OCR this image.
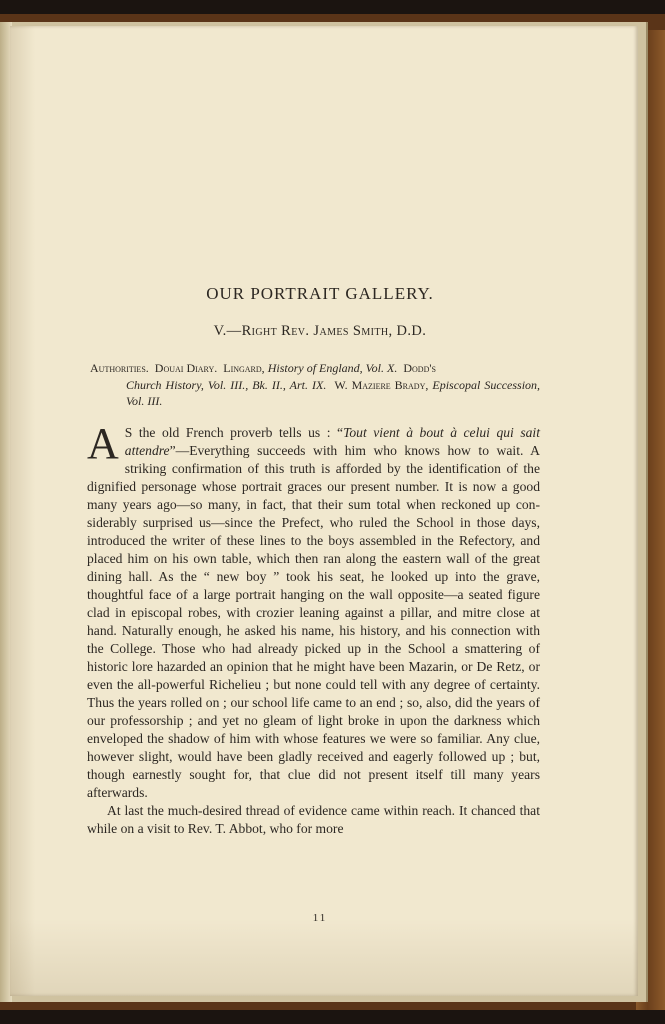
OUR PORTRAIT GALLERY.
V.—Right Rev. James Smith, D.D.
Authorities. Douai Diary. Lingard, History of England, Vol. X. Dodd's
Church History, Vol. III., Bk. II., Art. IX. W. Maziere Brady, Episcopal Succession, Vol. III.

A S the old French proverb tells us : “Tout vient à bout à celui qui sait attendre”—Everything succeeds with him who knows how to wait. A striking confirmation of this truth is afforded by the identification of the dignified personage whose portrait graces our present number. It is now a good many years ago—so many, in fact, that their sum total when reckoned up considerably surprised us—since the Prefect, who ruled the School in those days, introduced the writer of these lines to the boys assembled in the Refectory, and placed him on his own table, which then ran along the eastern wall of the great dining hall. As the “ new boy ” took his seat, he looked up into the grave, thoughtful face of a large portrait hanging on the wall opposite—a seated figure clad in episcopal robes, with crozier leaning against a pillar, and mitre close at hand. Naturally enough, he asked his name, his history, and his connection with the College. Those who had already picked up in the School a smattering of historic lore hazarded an opinion that he might have been Mazarin, or De Retz, or even the all-powerful Richelieu ; but none could tell with any degree of certainty. Thus the years rolled on ; our school life came to an end ; so, also, did the years of our professorship ; and yet no gleam of light broke in upon the darkness which enveloped the shadow of him with whose features we were so familiar. Any clue, however slight, would have been gladly received and eagerly followed up ; but, though earnestly sought for, that clue did not present itself till many years afterwards.

At last the much-desired thread of evidence came within reach. It chanced that while on a visit to Rev. T. Abbot, who for more

11
